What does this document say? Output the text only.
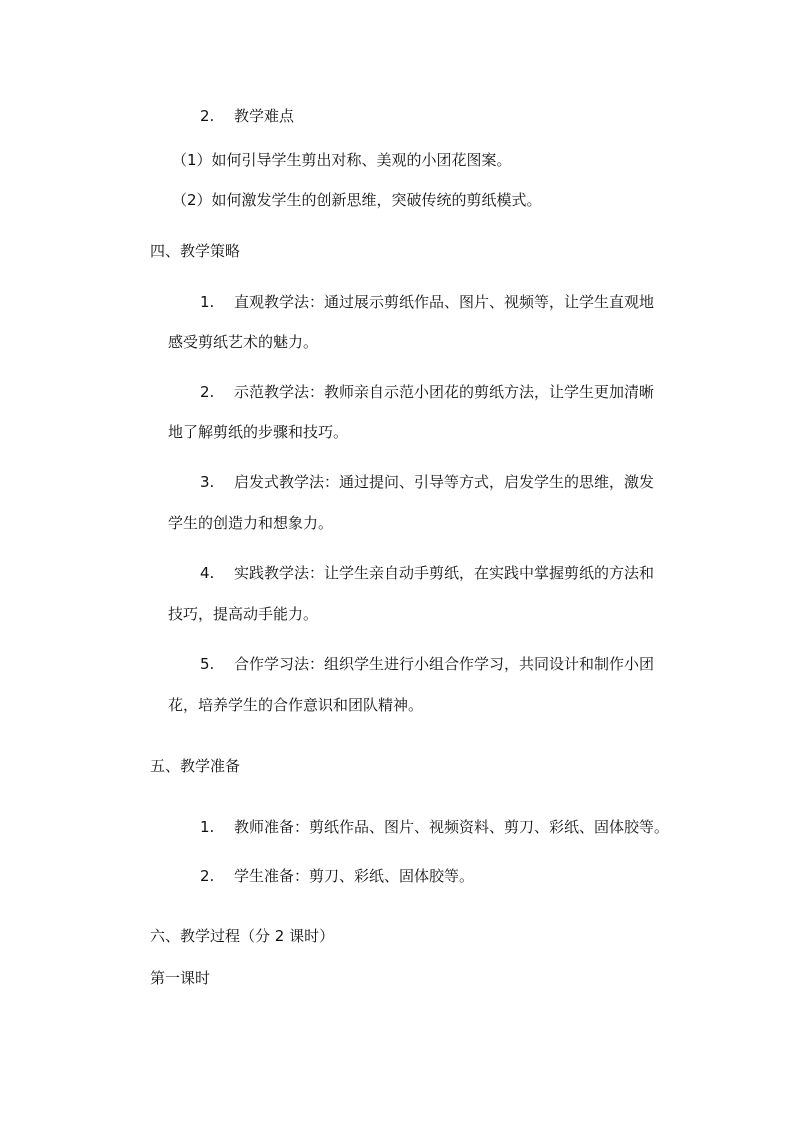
2. 教学难点
（1）如何引导学生剪出对称、美观的小团花图案。
（2）如何激发学生的创新思维，突破传统的剪纸模式。
四、教学策略
1. 直观教学法：通过展示剪纸作品、图片、视频等，让学生直观地
感受剪纸艺术的魅力。
2. 示范教学法：教师亲自示范小团花的剪纸方法，让学生更加清晰
地了解剪纸的步骤和技巧。
3. 启发式教学法：通过提问、引导等方式，启发学生的思维，激发
学生的创造力和想象力。
4. 实践教学法：让学生亲自动手剪纸，在实践中掌握剪纸的方法和
技巧，提高动手能力。
5. 合作学习法：组织学生进行小组合作学习，共同设计和制作小团
花，培养学生的合作意识和团队精神。
五、教学准备
1. 教师准备：剪纸作品、图片、视频资料、剪刀、彩纸、固体胶等。
2. 学生准备：剪刀、彩纸、固体胶等。
六、教学过程（分 2 课时）
第一课时
